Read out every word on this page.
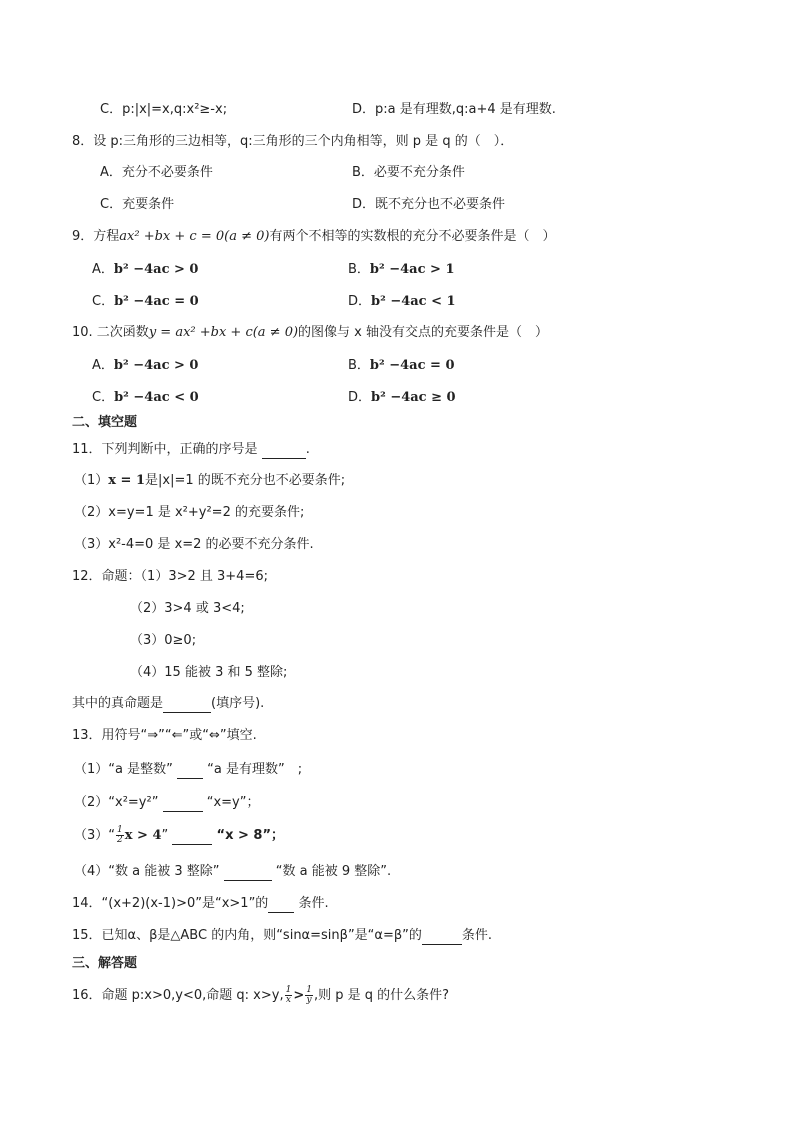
C．p:|x|=x,q:x²≥-x;	D．p:a 是有理数,q:a+4 是有理数.
8．设 p:三角形的三边相等，q:三角形的三个内角相等，则 p 是 q 的（　）．
A．充分不必要条件	B．必要不充分条件
C．充要条件	D．既不充分也不必要条件
9．方程ax² +bx + c = 0(a ≠ 0)有两个不相等的实数根的充分不必要条件是（　）
A．b² −4ac > 0	B．b² −4ac > 1
C．b² −4ac = 0	D．b² −4ac < 1
10. 二次函数y = ax² +bx + c(a ≠ 0)的图像与 x 轴没有交点的充要条件是（　）
A．b² −4ac > 0	B．b² −4ac = 0
C．b² −4ac < 0	D．b² −4ac ≥ 0
二、填空题
11．下列判断中，正确的序号是	.
（1）x = 1是|x|=1 的既不充分也不必要条件;
（2）x=y=1 是 x²+y²=2 的充要条件;
（3）x²-4=0 是 x=2 的必要不充分条件.
12．命题：（1）3>2 且 3+4=6;
（2）3>4 或 3<4;
（3）0≥0;
（4）15 能被 3 和 5 整除;
其中的真命题是	(填序号).
13．用符号“⇒”“⇐”或“⇔”填空.
（1）“a 是整数”	“a 是有理数”　;
（2）“x²=y²”	“x=y”；
（3）“ $\frac{1}{2}$ x > 4”	“x > 8”；
（4）“数 a 能被 3 整除”	“数 a 能被 9 整除”.
14．“(x+2)(x-1)>0”是“x>1”的 条件.
15．已知α、β是△ABC 的内角，则“sinα=sinβ”是“α=β”的	条件.
三、解答题
16．命题 p:x>0,y<0,命题 q: x>y, $\frac{1}{x} > \frac{1}{y}$ ,则 p 是 q 的什么条件?
